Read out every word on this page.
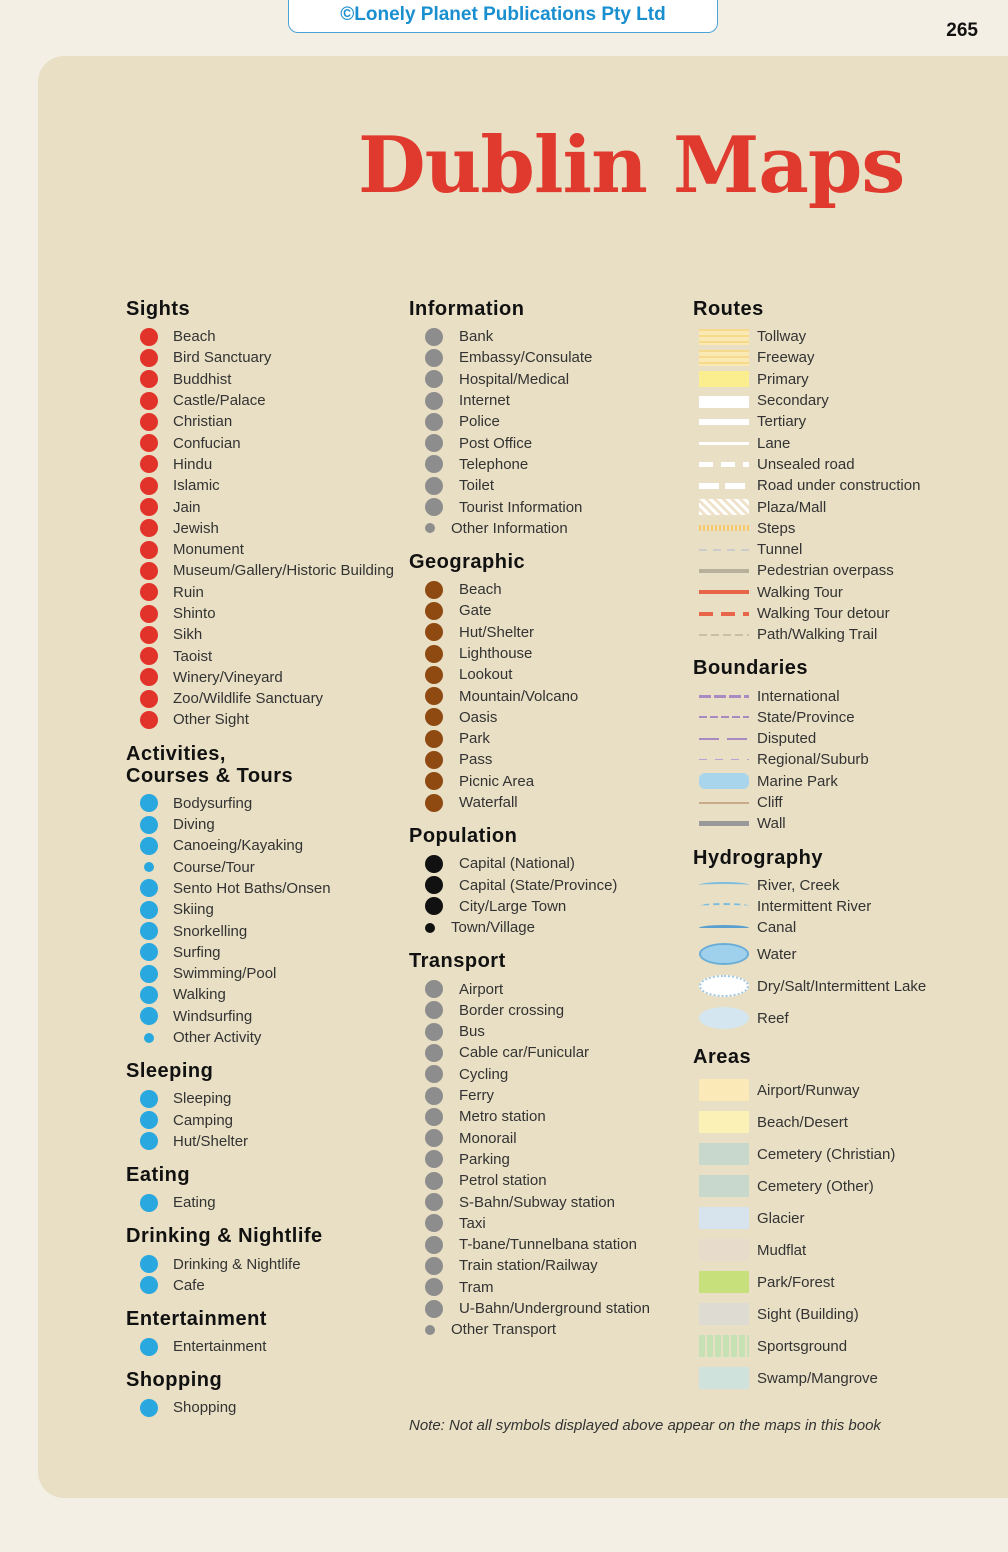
©Lonely Planet Publications Pty Ltd
265
Dublin Maps
Sights
Beach
Bird Sanctuary
Buddhist
Castle/Palace
Christian
Confucian
Hindu
Islamic
Jain
Jewish
Monument
Museum/Gallery/Historic Building
Ruin
Shinto
Sikh
Taoist
Winery/Vineyard
Zoo/Wildlife Sanctuary
Other Sight
Activities,
Courses & Tours
Bodysurfing
Diving
Canoeing/Kayaking
Course/Tour
Sento Hot Baths/Onsen
Skiing
Snorkelling
Surfing
Swimming/Pool
Walking
Windsurfing
Other Activity
Sleeping
Sleeping
Camping
Hut/Shelter
Eating
Eating
Drinking & Nightlife
Drinking & Nightlife
Cafe
Entertainment
Entertainment
Shopping
Shopping
Information
Bank
Embassy/Consulate
Hospital/Medical
Internet
Police
Post Office
Telephone
Toilet
Tourist Information
Other Information
Geographic
Beach
Gate
Hut/Shelter
Lighthouse
Lookout
Mountain/Volcano
Oasis
Park
Pass
Picnic Area
Waterfall
Population
Capital (National)
Capital (State/Province)
City/Large Town
Town/Village
Transport
Airport
Border crossing
Bus
Cable car/Funicular
Cycling
Ferry
Metro station
Monorail
Parking
Petrol station
S-Bahn/Subway station
Taxi
T-bane/Tunnelbana station
Train station/Railway
Tram
U-Bahn/Underground station
Other Transport
Routes
Tollway
Freeway
Primary
Secondary
Tertiary
Lane
Unsealed road
Road under construction
Plaza/Mall
Steps
Tunnel
Pedestrian overpass
Walking Tour
Walking Tour detour
Path/Walking Trail
Boundaries
International
State/Province
Disputed
Regional/Suburb
Marine Park
Cliff
Wall
Hydrography
River, Creek
Intermittent River
Canal
Water
Dry/Salt/Intermittent Lake
Reef
Areas
Airport/Runway
Beach/Desert
Cemetery (Christian)
Cemetery (Other)
Glacier
Mudflat
Park/Forest
Sight (Building)
Sportsground
Swamp/Mangrove
Note: Not all symbols displayed above appear on the maps in this book
